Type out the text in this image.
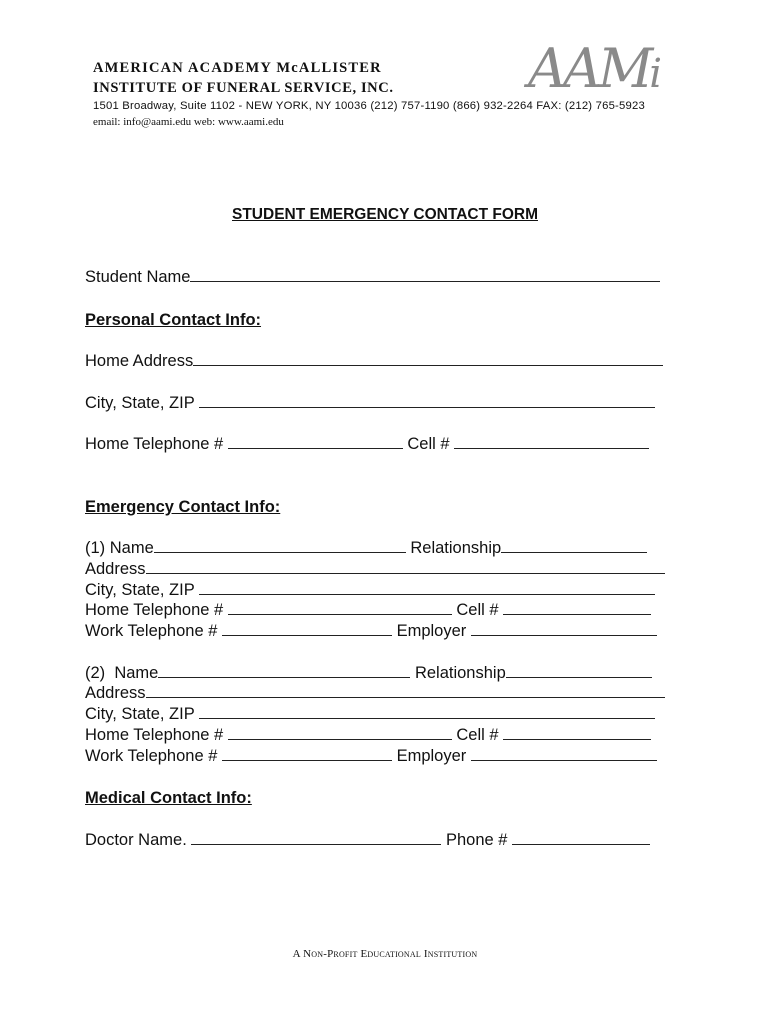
AMERICAN ACADEMY McALLISTER
INSTITUTE OF FUNERAL SERVICE, INC.
1501 Broadway, Suite 1102 - NEW YORK, NY 10036 (212) 757-1190 (866) 932-2264 FAX: (212) 765-5923
email: info@aami.edu web: www.aami.edu
AAMi
STUDENT EMERGENCY CONTACT FORM
Student Name
Personal Contact Info:
Home Address
City, State, ZIP
Home Telephone #	Cell #
Emergency Contact Info:
(1) Name	Relationship
Address
City, State, ZIP
Home Telephone #	Cell #
Work Telephone #	Employer
(2)  Name	Relationship
Address
City, State, ZIP
Home Telephone #	Cell #
Work Telephone #	Employer
Medical Contact Info:
Doctor Name.	Phone #
A Non-Profit Educational Institution
